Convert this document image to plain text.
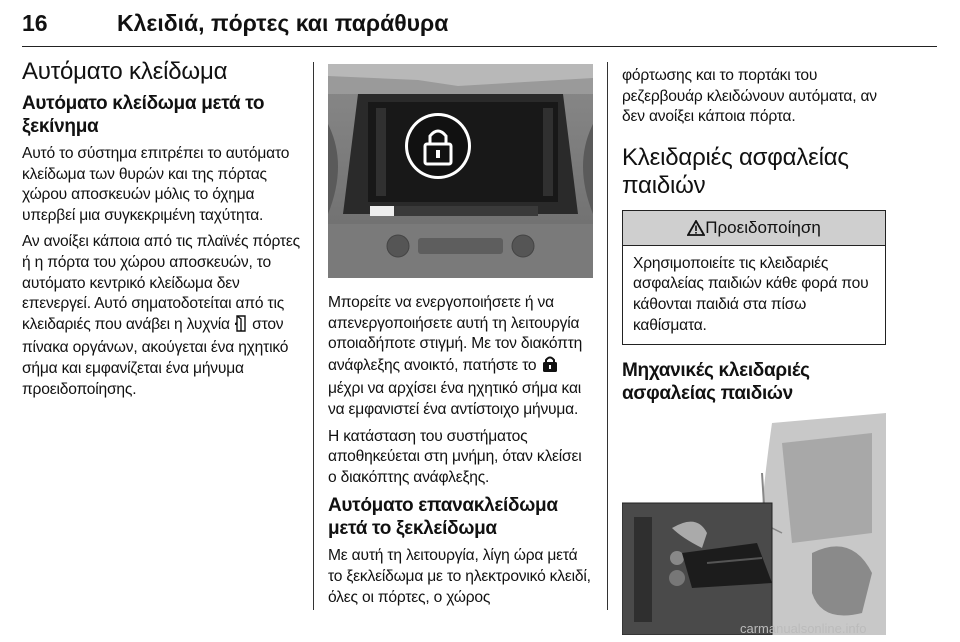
16	Κλειδιά, πόρτες και παράθυρα
Αυτόματο κλείδωμα
Αυτόματο κλείδωμα μετά το ξεκίνημα

Αυτό το σύστημα επιτρέπει το αυτόματο κλείδωμα των θυρών και της πόρτας χώρου αποσκευών μόλις το όχημα υπερβεί μια συγκεκριμένη ταχύτητα.

Αν ανοίξει κάποια από τις πλαϊνές πόρτες ή η πόρτα του χώρου αποσκευών, το αυτόματο κεντρικό κλείδωμα δεν επενεργεί. Αυτό σηματοδοτείται από τις κλειδαριές που ανάβει η λυχνία στον πίνακα οργάνων, ακούγεται ένα ηχητικό σήμα και εμφανίζεται ένα μήνυμα προειδοποίησης.

Μπορείτε να ενεργοποιήσετε ή να απενεργοποιήσετε αυτή τη λειτουργία οποιαδήποτε στιγμή. Με τον διακόπτη ανάφλεξης ανοικτό, πατήστε το  μέχρι να αρχίσει ένα ηχητικό σήμα και να εμφανιστεί ένα αντίστοιχο μήνυμα.

Η κατάσταση του συστήματος αποθηκεύεται στη μνήμη, όταν κλείσει ο διακόπτης ανάφλεξης.

Αυτόματο επανακλείδωμα μετά το ξεκλείδωμα

Με αυτή τη λειτουργία, λίγη ώρα μετά το ξεκλείδωμα με το ηλεκτρονικό κλειδί, όλες οι πόρτες, ο χώρος

φόρτωσης και το πορτάκι του ρεζερβουάρ κλειδώνουν αυτόματα, αν δεν ανοίξει κάποια πόρτα.

Κλειδαριές ασφαλείας παιδιών
Προειδοποίηση
Χρησιμοποιείτε τις κλειδαριές ασφαλείας παιδιών κάθε φορά που κάθονται παιδιά στα πίσω καθίσματα.
Μηχανικές κλειδαριές ασφαλείας παιδιών
carmanualsonline.info
